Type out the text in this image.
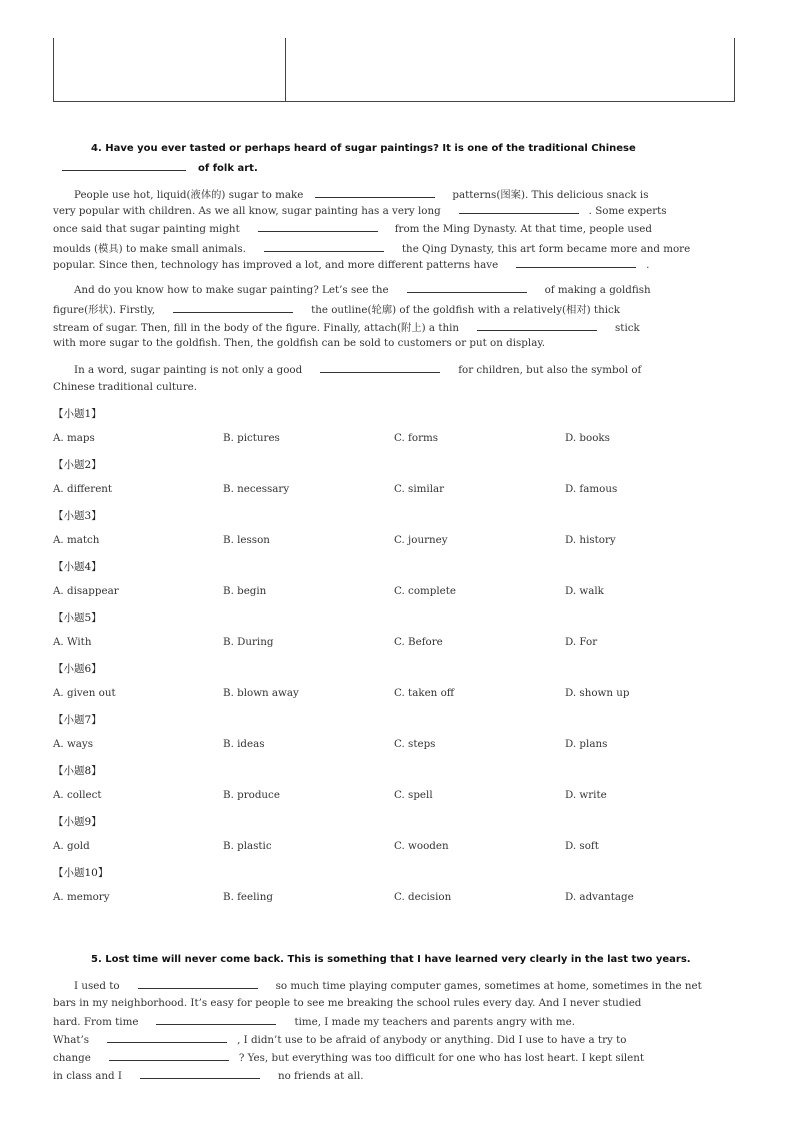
4. Have you ever tasted or perhaps heard of sugar paintings? It is one of the traditional Chinese
of folk art.
People use hot, liquid(液体的) sugar to make	patterns(图案). This delicious snack is
very popular with children. As we all know, sugar painting has a very long	. Some experts
once said that sugar painting might	from the Ming Dynasty. At that time, people used
moulds (模具) to make small animals.	the Qing Dynasty, this art form became more and more
popular. Since then, technology has improved a lot, and more different patterns have	.
And do you know how to make sugar painting? Let’s see the	of making a goldfish
figure(形状). Firstly,	the outline(轮廓) of the goldfish with a relatively(相对) thick
stream of sugar. Then, fill in the body of the figure. Finally, attach(附上) a thin	stick
with more sugar to the goldfish. Then, the goldfish can be sold to customers or put on display.
In a word, sugar painting is not only a good	for children, but also the symbol of
Chinese traditional culture.
【小题1】
A. maps	B. pictures	C. forms	D. books
【小题2】
A. different	B. necessary	C. similar	D. famous
【小题3】
A. match	B. lesson	C. journey	D. history
【小题4】
A. disappear	B. begin	C. complete	D. walk
【小题5】
A. With	B. During	C. Before	D. For
【小题6】
A. given out	B. blown away	C. taken off	D. shown up
【小题7】
A. ways	B. ideas	C. steps	D. plans
【小题8】
A. collect	B. produce	C. spell	D. write
【小题9】
A. gold	B. plastic	C. wooden	D. soft
【小题10】
A. memory	B. feeling	C. decision	D. advantage
5. Lost time will never come back. This is something that I have learned very clearly in the last two years.
I used to	so much time playing computer games, sometimes at home, sometimes in the net
bars in my neighborhood. It’s easy for people to see me breaking the school rules every day. And I never studied
hard. From time	time, I made my teachers and parents angry with me.
What’s	, I didn’t use to be afraid of anybody or anything. Did I use to have a try to
change	? Yes, but everything was too difficult for one who has lost heart. I kept silent
in class and I	no friends at all.
